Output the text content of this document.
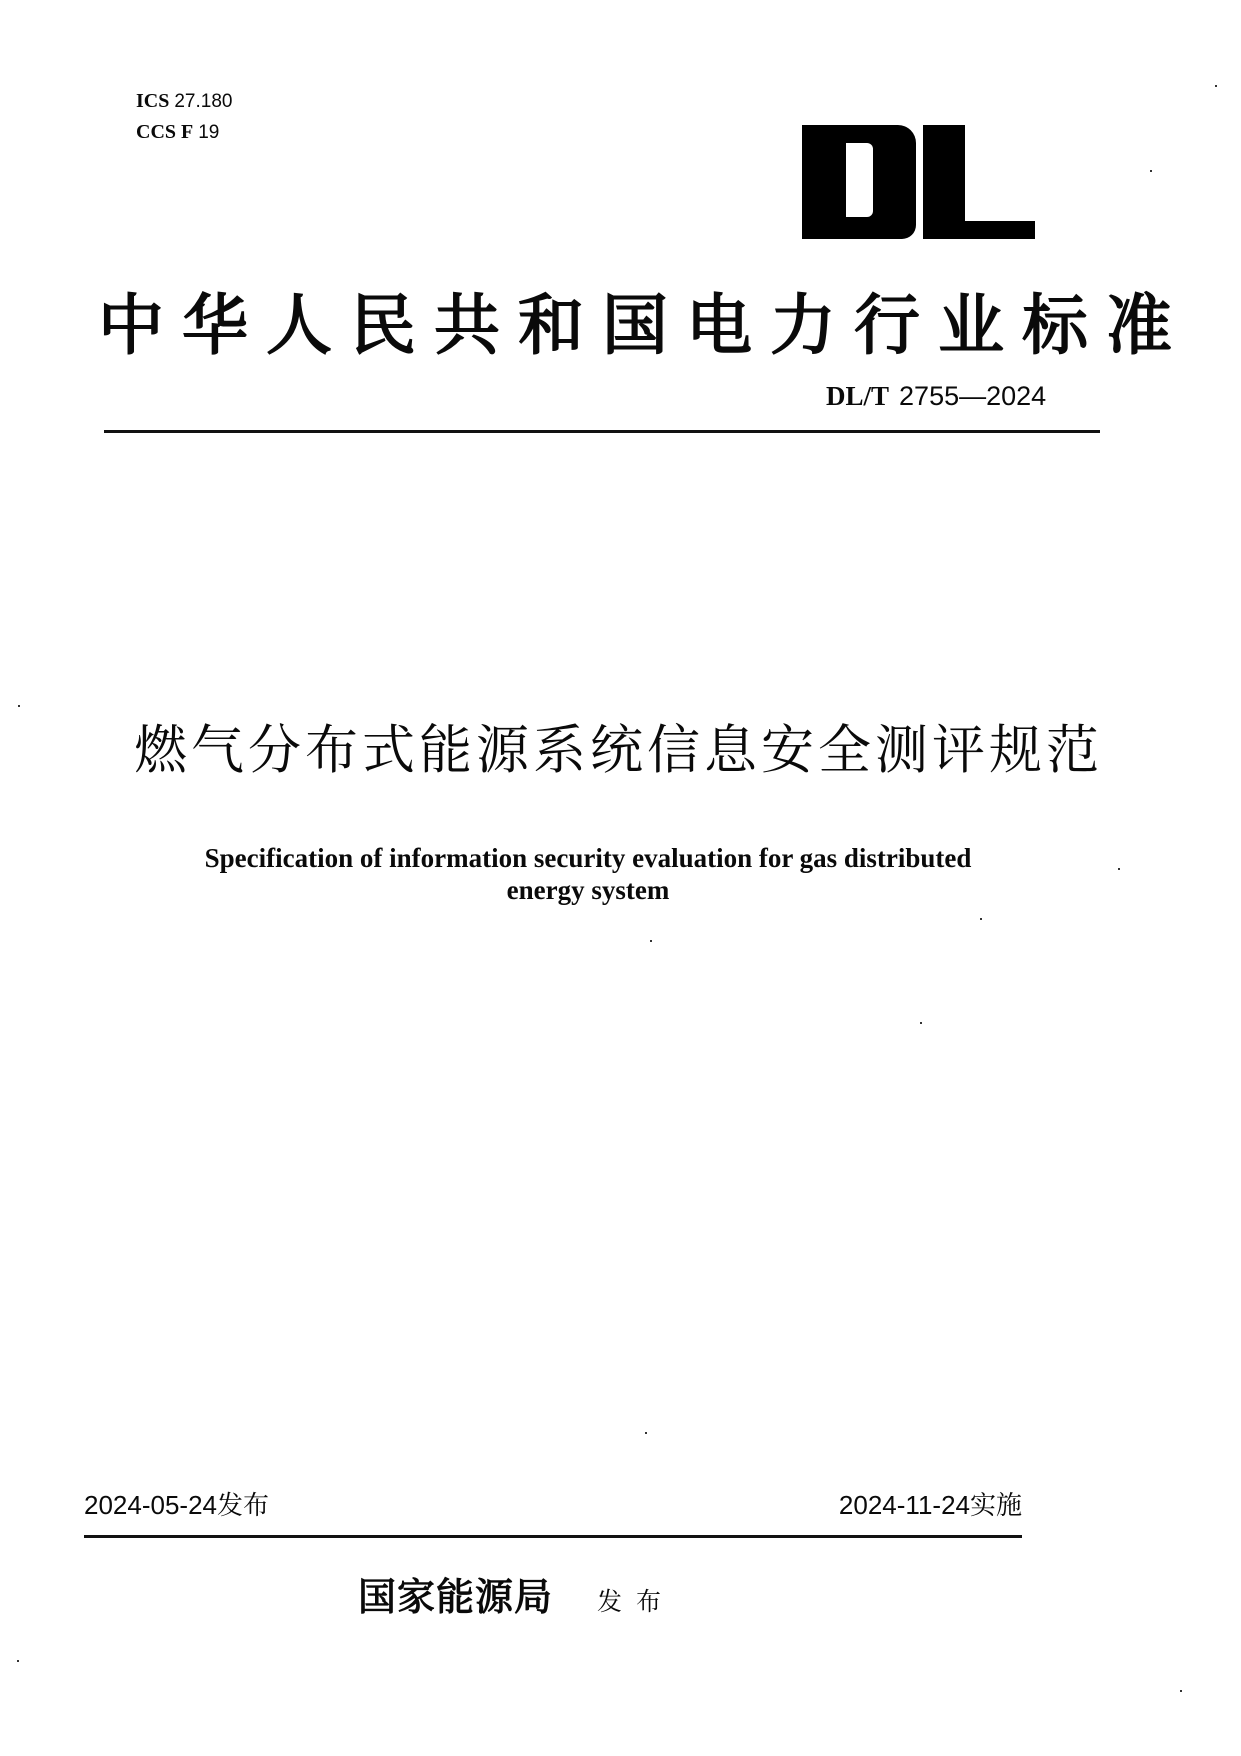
ICS 27.180
CCS F 19
中华人民共和国电力行业标准
DL/T 2755—2024
燃气分布式能源系统信息安全测评规范
Specification of information security evaluation for gas distributed
energy system
2024-05-24发布	2024-11-24实施
国家能源局 发布
